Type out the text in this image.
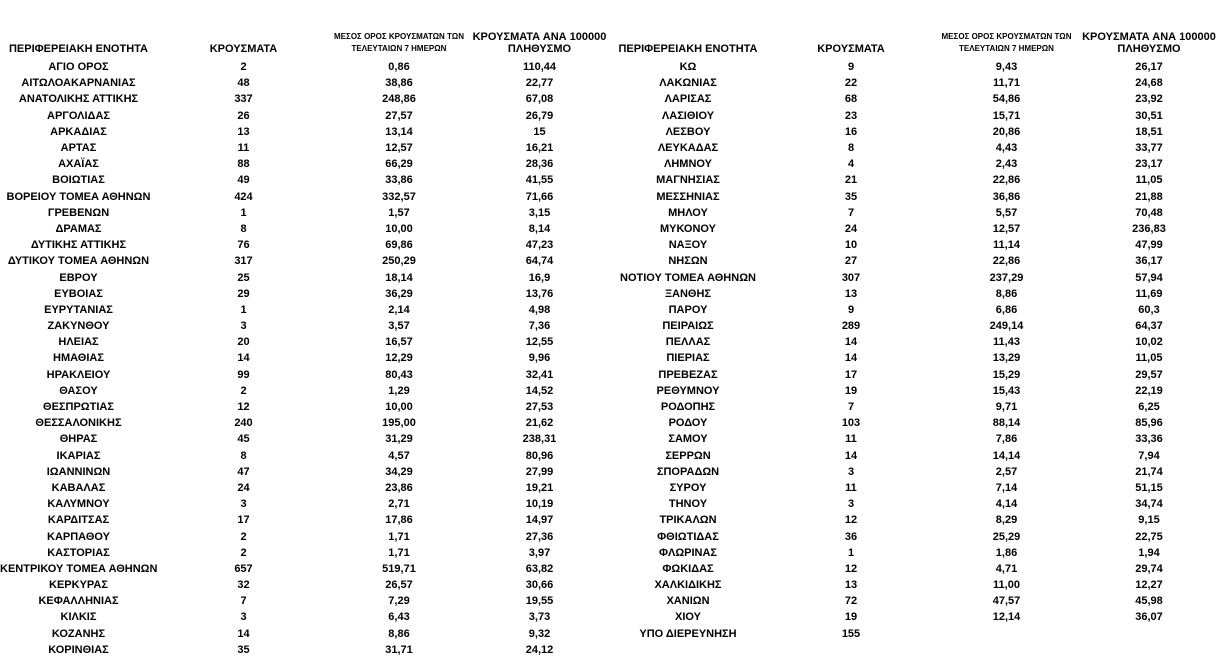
ΠΕΡΙΦΕΡΕΙΑΚΗ ΕΝΟΤΗΤΑ	ΚΡΟΥΣΜΑΤΑ	ΜΕΣΟΣ ΟΡΟΣ ΚΡΟΥΣΜΑΤΩΝ ΤΩΝ ΤΕΛΕΥΤΑΙΩΝ 7 ΗΜΕΡΩΝ	ΚΡΟΥΣΜΑΤΑ ΑΝΑ 100000 ΠΛΗΘΥΣΜΟ
ΑΓΙΟ ΟΡΟΣ	2	0,86	110,44
ΑΙΤΩΛΟΑΚΑΡΝΑΝΙΑΣ	48	38,86	22,77
ΑΝΑΤΟΛΙΚΗΣ ΑΤΤΙΚΗΣ	337	248,86	67,08
ΑΡΓΟΛΙΔΑΣ	26	27,57	26,79
ΑΡΚΑΔΙΑΣ	13	13,14	15
ΑΡΤΑΣ	11	12,57	16,21
ΑΧΑΪΑΣ	88	66,29	28,36
ΒΟΙΩΤΙΑΣ	49	33,86	41,55
ΒΟΡΕΙΟΥ ΤΟΜΕΑ ΑΘΗΝΩΝ	424	332,57	71,66
ΓΡΕΒΕΝΩΝ	1	1,57	3,15
ΔΡΑΜΑΣ	8	10,00	8,14
ΔΥΤΙΚΗΣ ΑΤΤΙΚΗΣ	76	69,86	47,23
ΔΥΤΙΚΟΥ ΤΟΜΕΑ ΑΘΗΝΩΝ	317	250,29	64,74
ΕΒΡΟΥ	25	18,14	16,9
ΕΥΒΟΙΑΣ	29	36,29	13,76
ΕΥΡΥΤΑΝΙΑΣ	1	2,14	4,98
ΖΑΚΥΝΘΟΥ	3	3,57	7,36
ΗΛΕΙΑΣ	20	16,57	12,55
ΗΜΑΘΙΑΣ	14	12,29	9,96
ΗΡΑΚΛΕΙΟΥ	99	80,43	32,41
ΘΑΣΟΥ	2	1,29	14,52
ΘΕΣΠΡΩΤΙΑΣ	12	10,00	27,53
ΘΕΣΣΑΛΟΝΙΚΗΣ	240	195,00	21,62
ΘΗΡΑΣ	45	31,29	238,31
ΙΚΑΡΙΑΣ	8	4,57	80,96
ΙΩΑΝΝΙΝΩΝ	47	34,29	27,99
ΚΑΒΑΛΑΣ	24	23,86	19,21
ΚΑΛΥΜΝΟΥ	3	2,71	10,19
ΚΑΡΔΙΤΣΑΣ	17	17,86	14,97
ΚΑΡΠΑΘΟΥ	2	1,71	27,36
ΚΑΣΤΟΡΙΑΣ	2	1,71	3,97
ΚΕΝΤΡΙΚΟΥ ΤΟΜΕΑ ΑΘΗΝΩΝ	657	519,71	63,82
ΚΕΡΚΥΡΑΣ	32	26,57	30,66
ΚΕΦΑΛΛΗΝΙΑΣ	7	7,29	19,55
ΚΙΛΚΙΣ	3	6,43	3,73
ΚΟΖΑΝΗΣ	14	8,86	9,32
ΚΟΡΙΝΘΙΑΣ	35	31,71	24,12
ΠΕΡΙΦΕΡΕΙΑΚΗ ΕΝΟΤΗΤΑ	ΚΡΟΥΣΜΑΤΑ	ΜΕΣΟΣ ΟΡΟΣ ΚΡΟΥΣΜΑΤΩΝ ΤΩΝ ΤΕΛΕΥΤΑΙΩΝ 7 ΗΜΕΡΩΝ	ΚΡΟΥΣΜΑΤΑ ΑΝΑ 100000 ΠΛΗΘΥΣΜΟ
ΚΩ	9	9,43	26,17
ΛΑΚΩΝΙΑΣ	22	11,71	24,68
ΛΑΡΙΣΑΣ	68	54,86	23,92
ΛΑΣΙΘΙΟΥ	23	15,71	30,51
ΛΕΣΒΟΥ	16	20,86	18,51
ΛΕΥΚΑΔΑΣ	8	4,43	33,77
ΛΗΜΝΟΥ	4	2,43	23,17
ΜΑΓΝΗΣΙΑΣ	21	22,86	11,05
ΜΕΣΣΗΝΙΑΣ	35	36,86	21,88
ΜΗΛΟΥ	7	5,57	70,48
ΜΥΚΟΝΟΥ	24	12,57	236,83
ΝΑΞΟΥ	10	11,14	47,99
ΝΗΣΩΝ	27	22,86	36,17
ΝΟΤΙΟΥ ΤΟΜΕΑ ΑΘΗΝΩΝ	307	237,29	57,94
ΞΑΝΘΗΣ	13	8,86	11,69
ΠΑΡΟΥ	9	6,86	60,3
ΠΕΙΡΑΙΩΣ	289	249,14	64,37
ΠΕΛΛΑΣ	14	11,43	10,02
ΠΙΕΡΙΑΣ	14	13,29	11,05
ΠΡΕΒΕΖΑΣ	17	15,29	29,57
ΡΕΘΥΜΝΟΥ	19	15,43	22,19
ΡΟΔΟΠΗΣ	7	9,71	6,25
ΡΟΔΟΥ	103	88,14	85,96
ΣΑΜΟΥ	11	7,86	33,36
ΣΕΡΡΩΝ	14	14,14	7,94
ΣΠΟΡΑΔΩΝ	3	2,57	21,74
ΣΥΡΟΥ	11	7,14	51,15
ΤΗΝΟΥ	3	4,14	34,74
ΤΡΙΚΑΛΩΝ	12	8,29	9,15
ΦΘΙΩΤΙΔΑΣ	36	25,29	22,75
ΦΛΩΡΙΝΑΣ	1	1,86	1,94
ΦΩΚΙΔΑΣ	12	4,71	29,74
ΧΑΛΚΙΔΙΚΗΣ	13	11,00	12,27
ΧΑΝΙΩΝ	72	47,57	45,98
ΧΙΟΥ	19	12,14	36,07
ΥΠΟ ΔΙΕΡΕΥΝΗΣΗ	155		
